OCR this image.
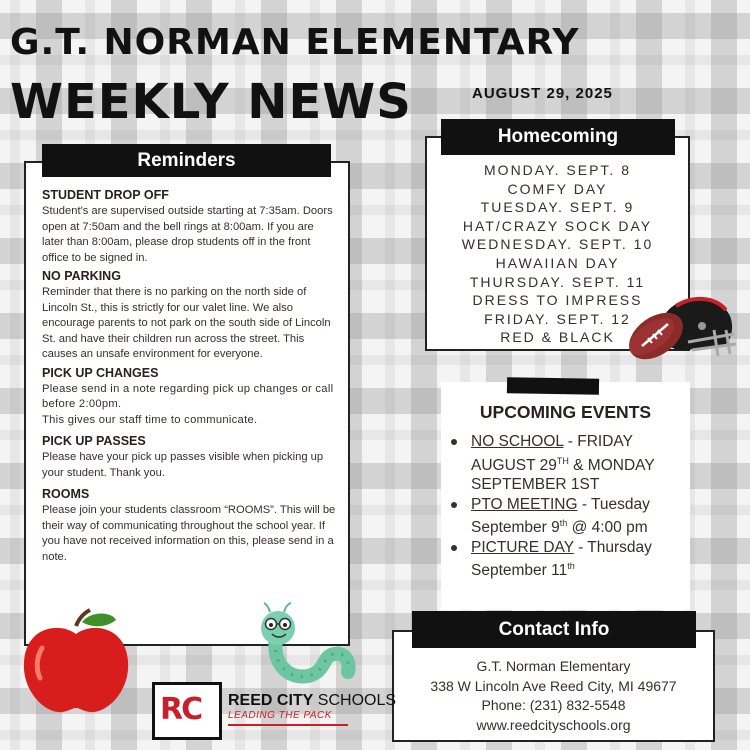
G.T. NORMAN ELEMENTARY
WEEKLY NEWS	AUGUST 29, 2025
Reminders
STUDENT DROP OFF
Student's are supervised outside starting at 7:35am. Doors open at 7:50am and the bell rings at 8:00am. If you are later than 8:00am, please drop students off in the front office to be signed in.
NO PARKING
Reminder that there is no parking on the north side of Lincoln St., this is strictly for our valet line. We also encourage parents to not park on the south side of Lincoln St. and have their children run across the street. This causes an unsafe environment for everyone.
PICK UP CHANGES
Please send in a note regarding pick up changes or call before 2:00pm.
This gives our staff time to communicate.
PICK UP PASSES
Please have your pick up passes visible when picking up your student. Thank you.
ROOMS
Please join your students classroom “ROOMS”. This will be their way of communicating throughout the school year. If you have not received information on this, please send in a note.
Homecoming
MONDAY. SEPT. 8
COMFY DAY
TUESDAY. SEPT. 9
HAT/CRAZY SOCK DAY
WEDNESDAY. SEPT. 10
HAWAIIAN DAY
THURSDAY. SEPT. 11
DRESS TO IMPRESS
FRIDAY. SEPT. 12
RED & BLACK
UPCOMING EVENTS
NO SCHOOL - FRIDAY AUGUST 29TH & MONDAY SEPTEMBER 1ST
PTO MEETING - Tuesday September 9th @ 4:00 pm
PICTURE DAY - Thursday September 11th
Contact Info
G.T. Norman Elementary
338 W Lincoln Ave Reed City, MI 49677
Phone: (231) 832-5548
www.reedcityschools.org
RC REED CITY SCHOOLS
LEADING THE PACK
